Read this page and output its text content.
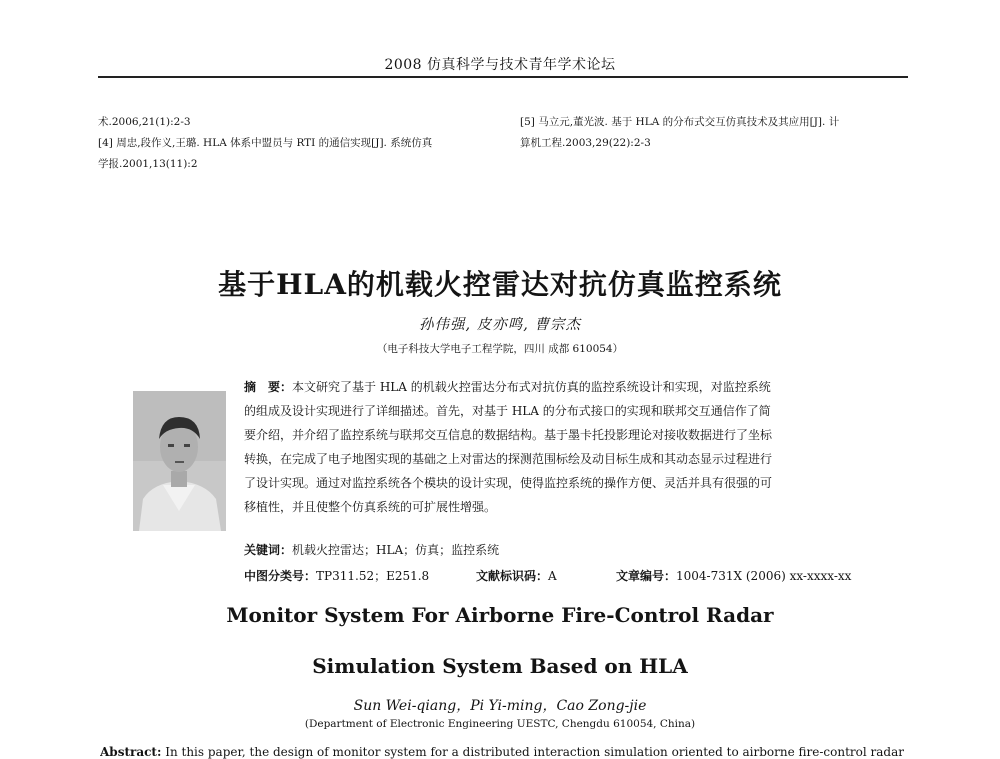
2008 仿真科学与技术青年学术论坛
术.2006,21(1):2-3
[4] 周忠,段作义,王璐. HLA 体系中盟员与 RTI 的通信实现[J]. 系统仿真
学报.2001,13(11):2
[5] 马立元,董光波. 基于 HLA 的分布式交互仿真技术及其应用[J]. 计
算机工程.2003,29(22):2-3
基于HLA的机载火控雷达对抗仿真监控系统
孙伟强, 皮亦鸣, 曹宗杰
（电子科技大学电子工程学院，四川 成都 610054）
摘　要：本文研究了基于 HLA 的机载火控雷达分布式对抗仿真的监控系统设计和实现，对监控系统
的组成及设计实现进行了详细描述。首先，对基于 HLA 的分布式接口的实现和联邦交互通信作了简
要介绍，并介绍了监控系统与联邦交互信息的数据结构。基于墨卡托投影理论对接收数据进行了坐标
转换，在完成了电子地图实现的基础之上对雷达的探测范围标绘及动目标生成和其动态显示过程进行
了设计实现。通过对监控系统各个模块的设计实现，使得监控系统的操作方便、灵活并具有很强的可
移植性，并且使整个仿真系统的可扩展性增强。
关键词：机载火控雷达；HLA；仿真；监控系统
中图分类号：TP311.52；E251.8	文献标识码：A	文章编号：1004-731X (2006) xx-xxxx-xx
Monitor System For Airborne Fire-Control Radar
Simulation System Based on HLA
Sun Wei-qiang，Pi Yi-ming，Cao Zong-jie
(Department of Electronic Engineering UESTC, Chengdu 610054, China)
Abstract: In this paper, the design of monitor system for a distributed interaction simulation oriented to airborne fire-control radar
